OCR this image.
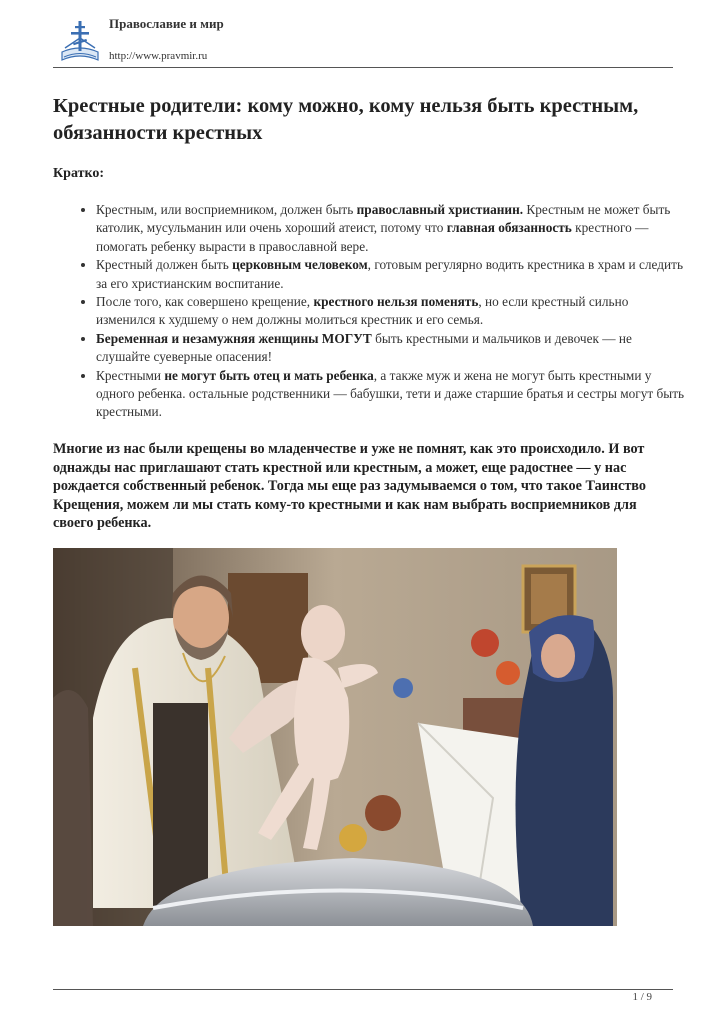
Православие и мир
http://www.pravmir.ru
Крестные родители: кому можно, кому нельзя быть крестным, обязанности крестных
Кратко:
• Крестным, или восприемником, должен быть православный христианин. Крестным не может быть католик, мусульманин или очень хороший атеист, потому что главная обязанность крестного — помогать ребенку вырасти в православной вере.
• Крестный должен быть церковным человеком, готовым регулярно водить крестника в храм и следить за его христианским воспитание.
• После того, как совершено крещение, крестного нельзя поменять, но если крестный сильно изменился к худшему о нем должны молиться крестник и его семья.
• Беременная и незамужняя женщины МОГУТ быть крестными и мальчиков и девочек — не слушайте суеверные опасения!
• Крестными не могут быть отец и мать ребенка, а также муж и жена не могут быть крестными у одного ребенка. остальные родственники — бабушки, тети и даже старшие братья и сестры могут быть крестными.

Многие из нас были крещены во младенчестве и уже не помнят, как это происходило. И вот однажды нас приглашают стать крестной или крестным, а может, еще радостнее — у нас рождается собственный ребенок. Тогда мы еще раз задумываемся о том, что такое Таинство Крещения, можем ли мы стать кому-то крестными и как нам выбрать восприемников для своего ребенка.

1 / 9
